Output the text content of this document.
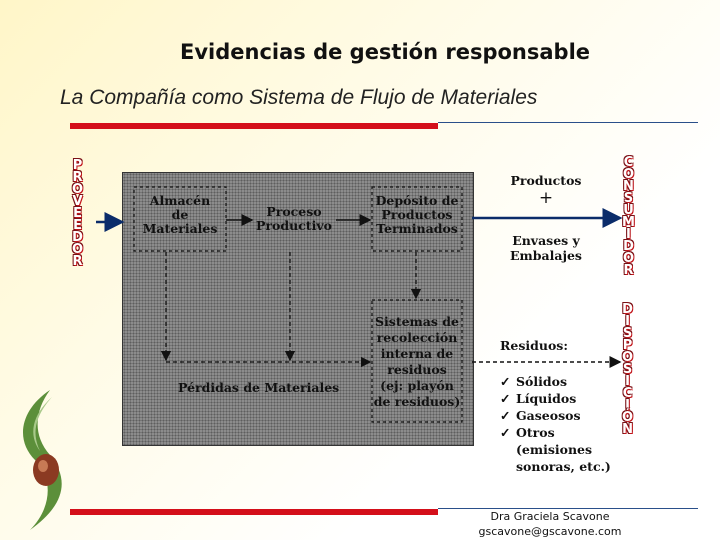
Evidencias de gestión responsable
La Compañía como Sistema de Flujo de Materiales
P
R
O
V
E
E
D
O
R
C
O
N
S
U
M
I
D
O
R
D
I
S
P
O
S
I
C
I
Ó
N
Almacén
de
Materiales
Proceso
Productivo
Depósito de
Productos
Terminados
Sistemas de
recolección
interna de
residuos
(ej: playón
de residuos)
Pérdidas de Materiales
Productos
+
Envases y
Embalajes
Residuos:
✓ Sólidos
✓ Líquidos
✓ Gaseosos
✓ Otros
(emisiones
sonoras, etc.)
Dra Graciela Scavone
gscavone@gscavone.com
